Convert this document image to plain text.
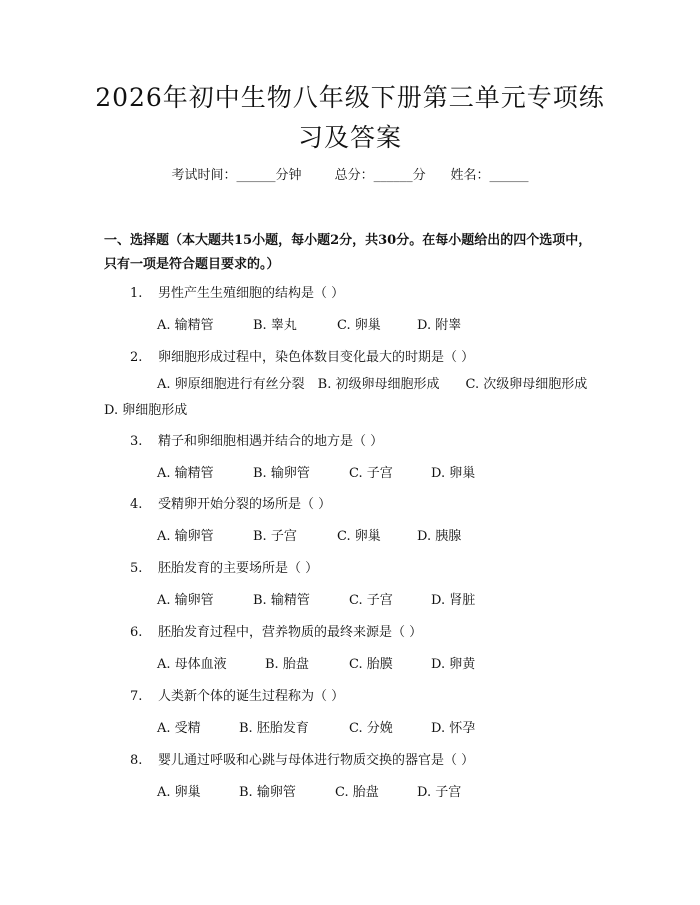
2026年初中生物八年级下册第三单元专项练
习及答案
考试时间：______分钟	总分：______分 姓名：______
一、选择题（本大题共15小题，每小题2分，共30分。在每小题给出的四个选项中，只有一项是符合题目要求的。）
1. 男性产生生殖细胞的结构是（ ）
A. 输精管	B. 睾丸	C. 卵巢	D. 附睾
2. 卵细胞形成过程中，染色体数目变化最大的时期是（ ）
A. 卵原细胞进行有丝分裂　B. 初级卵母细胞形成　　C. 次级卵母细胞形成　　D. 卵细胞形成
3. 精子和卵细胞相遇并结合的地方是（ ）
A. 输精管	B. 输卵管	C. 子宫	D. 卵巢
4. 受精卵开始分裂的场所是（ ）
A. 输卵管	B. 子宫	C. 卵巢	D. 胰腺
5. 胚胎发育的主要场所是（ ）
A. 输卵管	B. 输精管	C. 子宫	D. 肾脏
6. 胚胎发育过程中，营养物质的最终来源是（ ）
A. 母体血液	B. 胎盘	C. 胎膜	D. 卵黄
7. 人类新个体的诞生过程称为（ ）
A. 受精	B. 胚胎发育	C. 分娩	D. 怀孕
8. 婴儿通过呼吸和心跳与母体进行物质交换的器官是（ ）
A. 卵巢	B. 输卵管	C. 胎盘	D. 子宫
